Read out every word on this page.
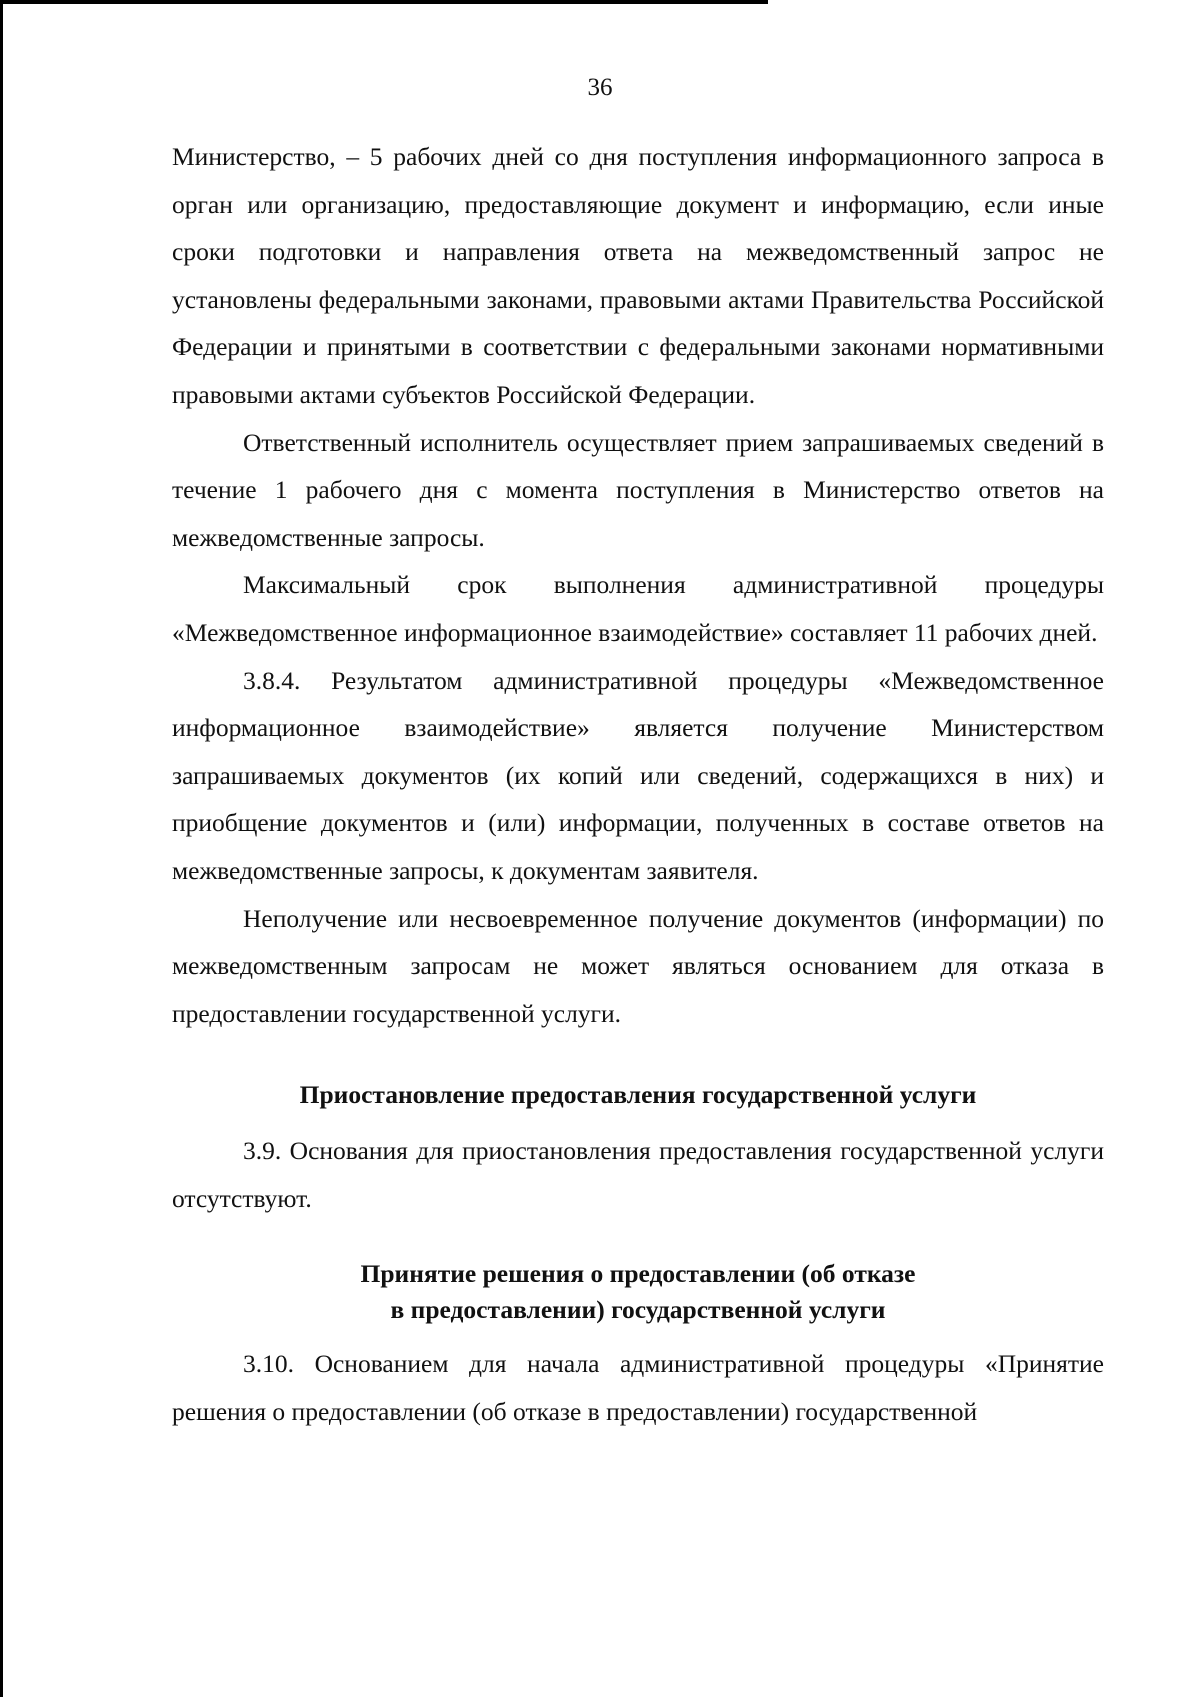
36

Министерство, – 5 рабочих дней со дня поступления информационного запроса в орган или организацию, предоставляющие документ и информацию, если иные сроки подготовки и направления ответа на межведомственный запрос не установлены федеральными законами, правовыми актами Правительства Российской Федерации и принятыми в соответствии с федеральными законами нормативными правовыми актами субъектов Российской Федерации.

Ответственный исполнитель осуществляет прием запрашиваемых сведений в течение 1 рабочего дня с момента поступления в Министерство ответов на межведомственные запросы.

Максимальный срок выполнения административной процедуры «Межведомственное информационное взаимодействие» составляет 11 рабочих дней.

3.8.4. Результатом административной процедуры «Межведомственное информационное взаимодействие» является получение Министерством запрашиваемых документов (их копий или сведений, содержащихся в них) и приобщение документов и (или) информации, полученных в составе ответов на межведомственные запросы, к документам заявителя.

Неполучение или несвоевременное получение документов (информации) по межведомственным запросам не может являться основанием для отказа в предоставлении государственной услуги.

Приостановление предоставления государственной услуги

3.9. Основания для приостановления предоставления государственной услуги отсутствуют.

Принятие решения о предоставлении (об отказе
в предоставлении) государственной услуги

3.10. Основанием для начала административной процедуры «Принятие решения о предоставлении (об отказе в предоставлении) государственной
